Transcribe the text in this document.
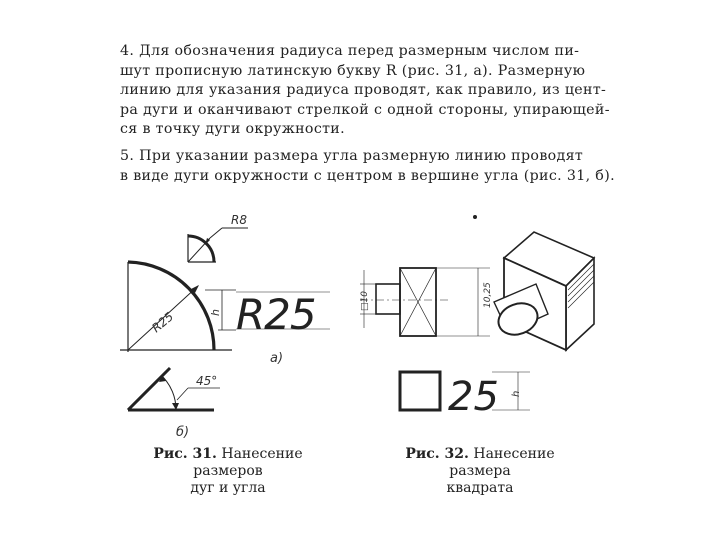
4. Для обозначения радиуса перед размерным числом пи-
шут прописную латинскую букву R (рис. 31, а). Размерную
линию для указания радиуса проводят, как правило, из цент-
ра дуги и оканчивают стрелкой с одной стороны, упирающей-
ся в точку дуги окружности.
5. При указании размера угла размерную линию проводят
в виде дуги окружности с центром в вершине угла (рис. 31, б).
R8
R25	h R25
а)
45°
б)
□10	10,25
25 h
Рис. 31. Нанесение размеров
дуг и угла
Рис. 32. Нанесение размера
квадрата
